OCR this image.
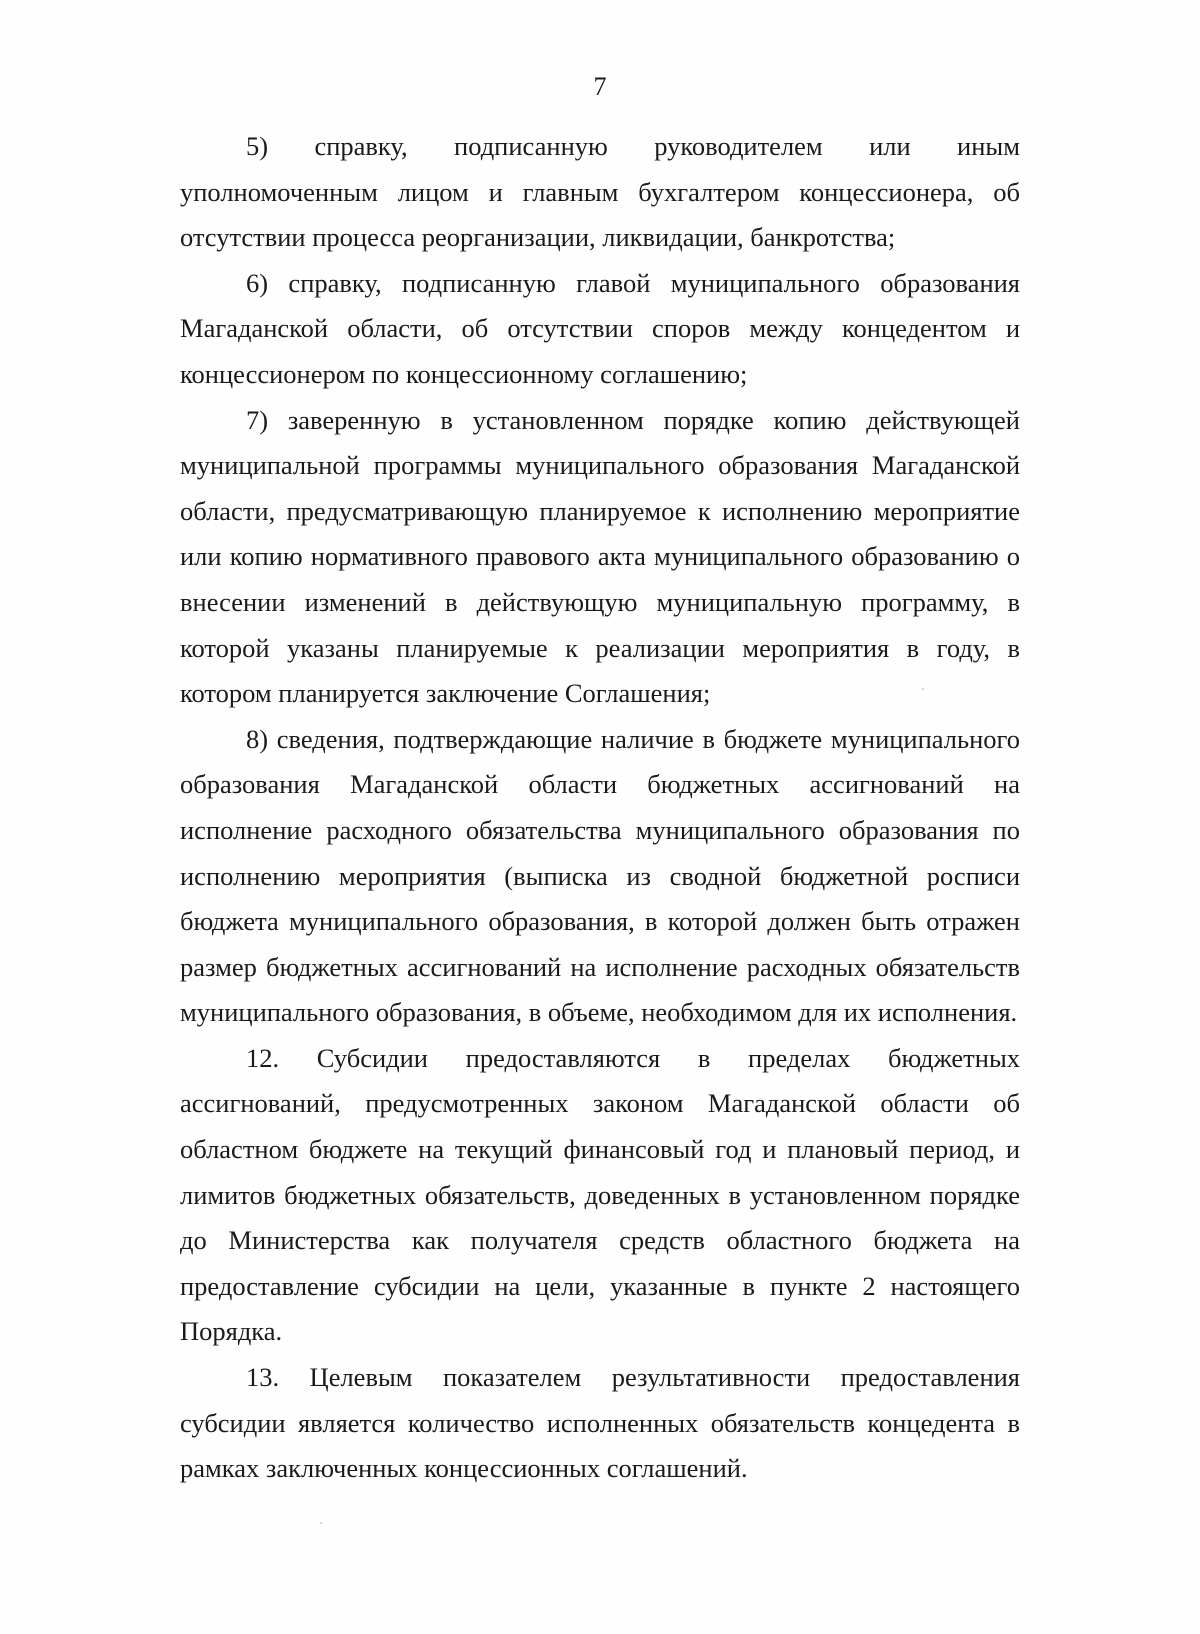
7

5) справку, подписанную руководителем или иным уполномоченным лицом и главным бухгалтером концессионера, об отсутствии процесса реорганизации, ликвидации, банкротства;

6) справку, подписанную главой муниципального образования Магаданской области, об отсутствии споров между концедентом и концессионером по концессионному соглашению;

7) заверенную в установленном порядке копию действующей муниципальной программы муниципального образования Магаданской области, предусматривающую планируемое к исполнению мероприятие или копию нормативного правового акта муниципального образованию о внесении изменений в действующую муниципальную программу, в которой указаны планируемые к реализации мероприятия в году, в котором планируется заключение Соглашения;

8) сведения, подтверждающие наличие в бюджете муниципального образования Магаданской области бюджетных ассигнований на исполнение расходного обязательства муниципального образования по исполнению мероприятия (выписка из сводной бюджетной росписи бюджета муниципального образования, в которой должен быть отражен размер бюджетных ассигнований на исполнение расходных обязательств муниципального образования, в объеме, необходимом для их исполнения.

12. Субсидии предоставляются в пределах бюджетных ассигнований, предусмотренных законом Магаданской области об областном бюджете на текущий финансовый год и плановый период, и лимитов бюджетных обязательств, доведенных в установленном порядке до Министерства как получателя средств областного бюджета на предоставление субсидии на цели, указанные в пункте 2 настоящего Порядка.

13. Целевым показателем результативности предоставления субсидии является количество исполненных обязательств концедента в рамках заключенных концессионных соглашений.
